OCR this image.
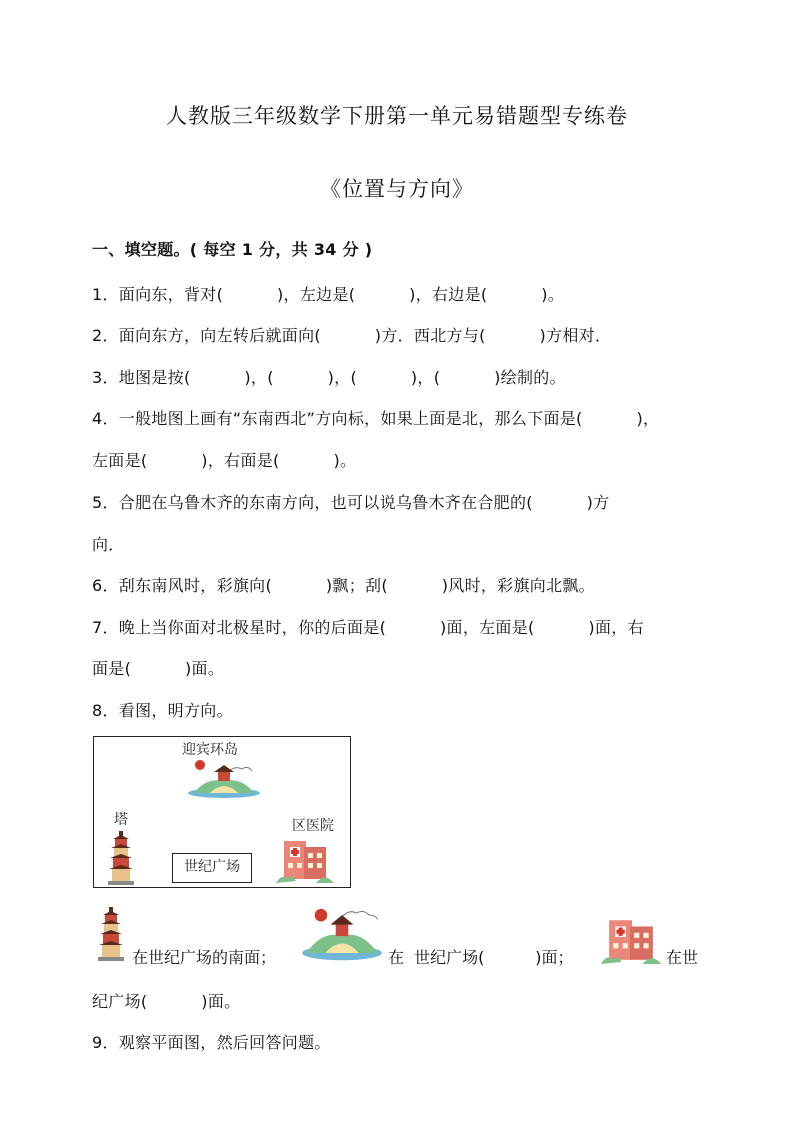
人教版三年级数学下册第一单元易错题型专练卷
《位置与方向》
一、填空题。( 每空 1 分，共 34 分 )
1．面向东，背对(          )，左边是(          )，右边是(          )。
2．面向东方，向左转后就面向(          )方．西北方与(          )方相对．
3．地图是按(          )，(          )，(          )，(          )绘制的。
4．一般地图上画有“东南西北”方向标，如果上面是北，那么下面是(          )，
左面是(          )，右面是(          )。
5．合肥在乌鲁木齐的东南方向，也可以说乌鲁木齐在合肥的(          )方
向．
6．刮东南风时，彩旗向(          )飘；刮(          )风时，彩旗向北飘。
7．晚上当你面对北极星时，你的后面是(          )面，左面是(          )面，右
面是(          )面。
8．看图，明方向。
迎宾环岛
塔	区医院
世纪广场
在世纪广场的南面；	在  世纪广场(          )面；	在世
纪广场(          )面。
9．观察平面图，然后回答问题。
